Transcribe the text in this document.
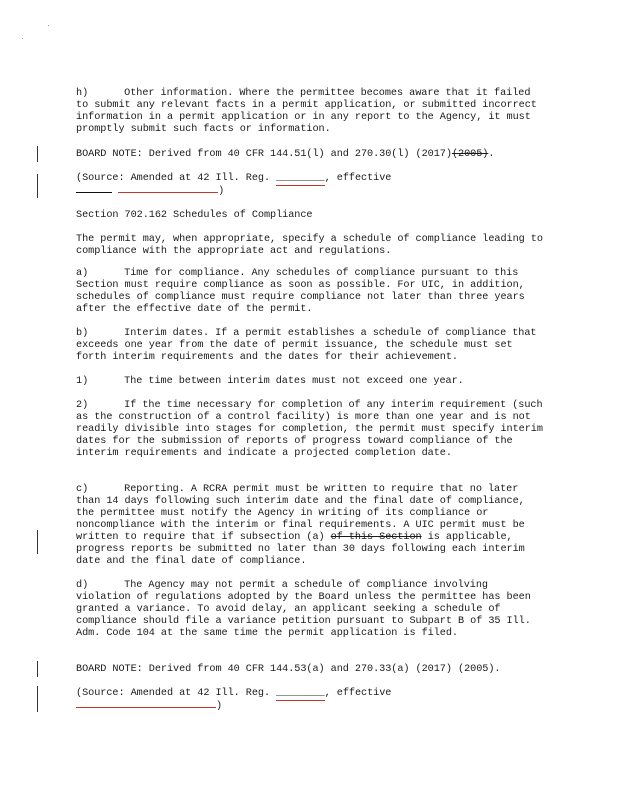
h)	Other information. Where the permittee becomes aware that it failed to submit any relevant facts in a permit application, or submitted incorrect information in a permit application or in any report to the Agency, it must promptly submit such facts or information.

BOARD NOTE: Derived from 40 CFR 144.51(l) and 270.30(l) (2017)(2005).

(Source: Amended at 42 Ill. Reg. ________, effective
)

Section 702.162 Schedules of Compliance

The permit may, when appropriate, specify a schedule of compliance leading to compliance with the appropriate act and regulations.

a)	Time for compliance. Any schedules of compliance pursuant to this Section must require compliance as soon as possible. For UIC, in addition, schedules of compliance must require compliance not later than three years after the effective date of the permit.

b)	Interim dates. If a permit establishes a schedule of compliance that exceeds one year from the date of permit issuance, the schedule must set forth interim requirements and the dates for their achievement.

1)	The time between interim dates must not exceed one year.

2)	If the time necessary for completion of any interim requirement (such as the construction of a control facility) is more than one year and is not readily divisible into stages for completion, the permit must specify interim dates for the submission of reports of progress toward compliance of the interim requirements and indicate a projected completion date.

c)	Reporting. A RCRA permit must be written to require that no later than 14 days following such interim date and the final date of compliance, the permittee must notify the Agency in writing of its compliance or noncompliance with the interim or final requirements. A UIC permit must be written to require that if subsection (a) of this Section is applicable, progress reports be submitted no later than 30 days following each interim date and the final date of compliance.

d)	The Agency may not permit a schedule of compliance involving violation of regulations adopted by the Board unless the permittee has been granted a variance. To avoid delay, an applicant seeking a schedule of compliance should file a variance petition pursuant to Subpart B of 35 Ill. Adm. Code 104 at the same time the permit application is filed.

BOARD NOTE: Derived from 40 CFR 144.53(a) and 270.33(a) (2017) (2005).

(Source: Amended at 42 Ill. Reg. ________, effective
)
